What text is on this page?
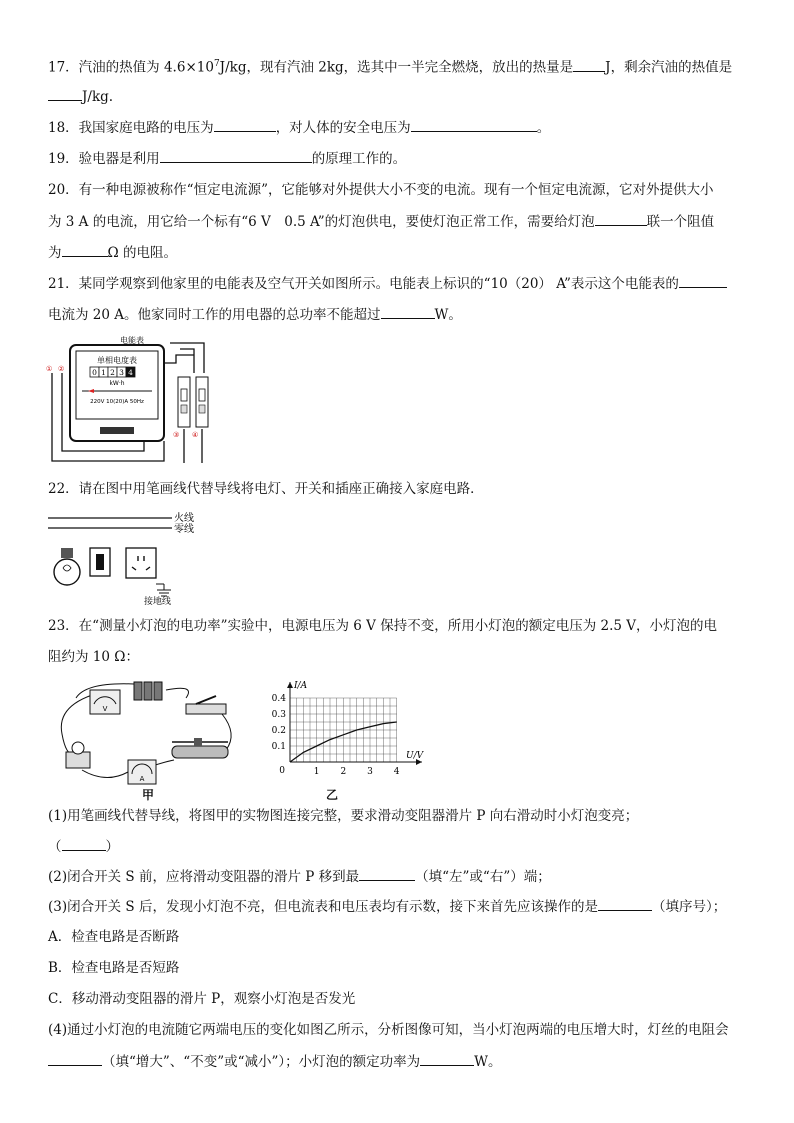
17．汽油的热值为 $4.6\times 10^7J/kg$，现有汽油 2kg，选其中一半完全燃烧，放出的热量是 J，剩余汽油的热值是
J/kg.
18．我国家庭电路的电压为	，对人体的安全电压为	。
19．验电器是利用	的原理工作的。
20．有一种电源被称作“恒定电流源”，它能够对外提供大小不变的电流。现有一个恒定电流源，它对外提供大小
为 3 A 的电流，用它给一个标有“6 V　0.5 A”的灯泡供电，要使灯泡正常工作，需要给灯泡	联一个阻值
为	Ω 的电阻。
21．某同学观察到他家里的电能表及空气开关如图所示。电能表上标识的“10（20） A”表示这个电能表的
电流为 20 A。他家同时工作的用电器的总功率不能超过	W。
电能表
单相电度表
0 1 2 3 4
kW·h
220V 10(20)A 50Hz
① ②
③ ④
22．请在图中用笔画线代替导线将电灯、开关和插座正确接入家庭电路．
火线
零线
接地线
23．在“测量小灯泡的电功率”实验中，电源电压为 6 V 保持不变，所用小灯泡的额定电压为 2.5 V，小灯泡的电
阻约为 10 Ω：
V
A
甲
1 2 3 4
0.1
0.2
0.3
0.4
0
I/A
U/V
乙
(1)用笔画线代替导线，将图甲的实物图连接完整，要求滑动变阻器滑片 P 向右滑动时小灯泡变亮；
（	）
(2)闭合开关 S 前，应将滑动变阻器的滑片 P 移到最	（填“左”或“右”）端；
(3)闭合开关 S 后，发现小灯泡不亮，但电流表和电压表均有示数，接下来首先应该操作的是	（填序号）；
A．检查电路是否断路
B．检查电路是否短路
C．移动滑动变阻器的滑片 P，观察小灯泡是否发光
(4)通过小灯泡的电流随它两端电压的变化如图乙所示，分析图像可知，当小灯泡两端的电压增大时，灯丝的电阻会
（填“增大”、“不变”或“减小”）；小灯泡的额定功率为	W。
